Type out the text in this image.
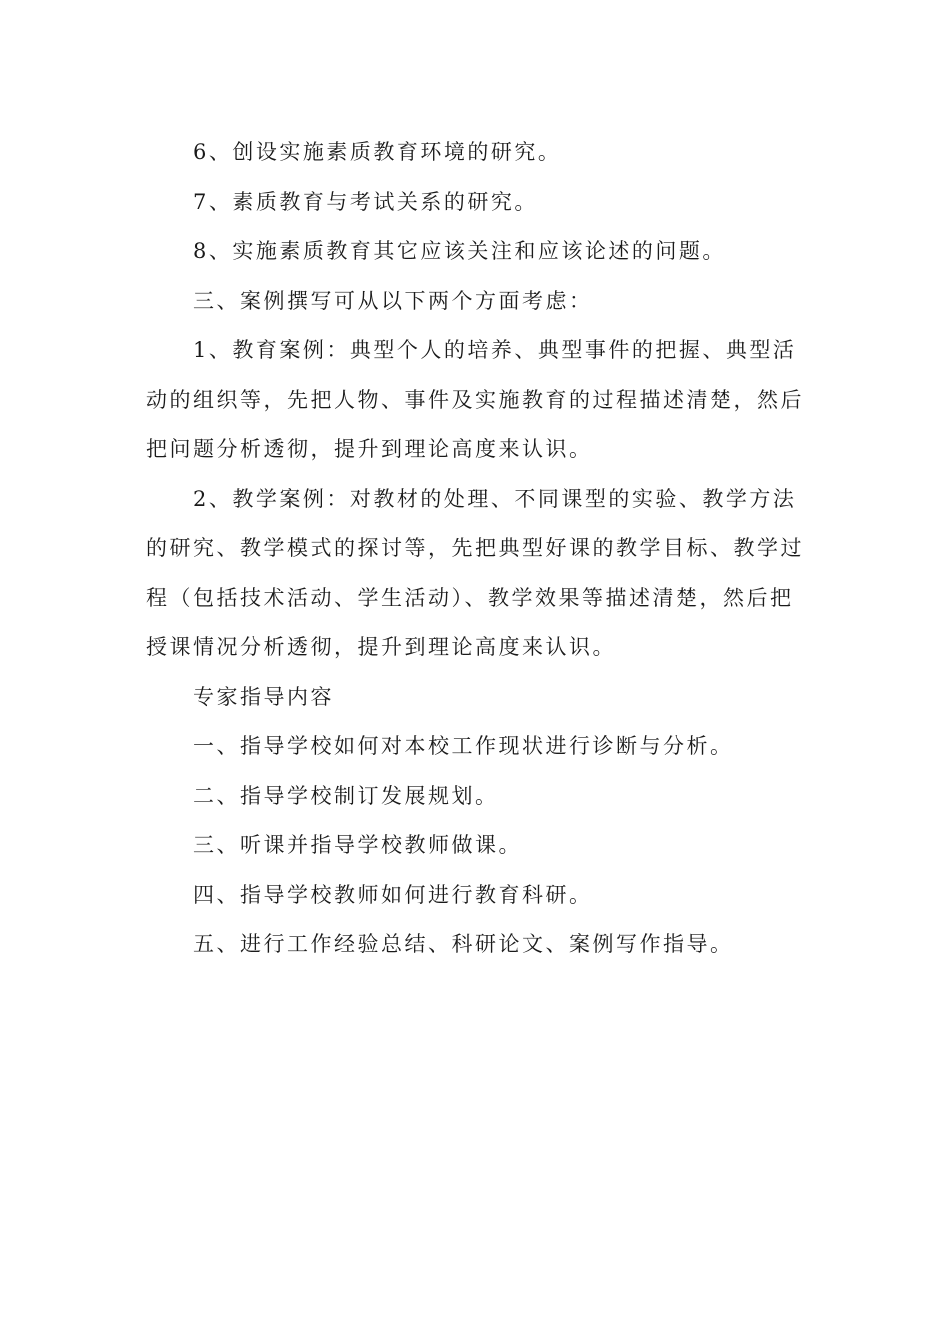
6、创设实施素质教育环境的研究。

7、素质教育与考试关系的研究。

8、实施素质教育其它应该关注和应该论述的问题。

三、案例撰写可从以下两个方面考虑：

1、教育案例：典型个人的培养、典型事件的把握、典型活动的组织等，先把人物、事件及实施教育的过程描述清楚，然后把问题分析透彻，提升到理论高度来认识。

2、教学案例：对教材的处理、不同课型的实验、教学方法的研究、教学模式的探讨等，先把典型好课的教学目标、教学过程（包括技术活动、学生活动）、教学效果等描述清楚，然后把授课情况分析透彻，提升到理论高度来认识。

专家指导内容

一、指导学校如何对本校工作现状进行诊断与分析。

二、指导学校制订发展规划。

三、听课并指导学校教师做课。

四、指导学校教师如何进行教育科研。

五、进行工作经验总结、科研论文、案例写作指导。
